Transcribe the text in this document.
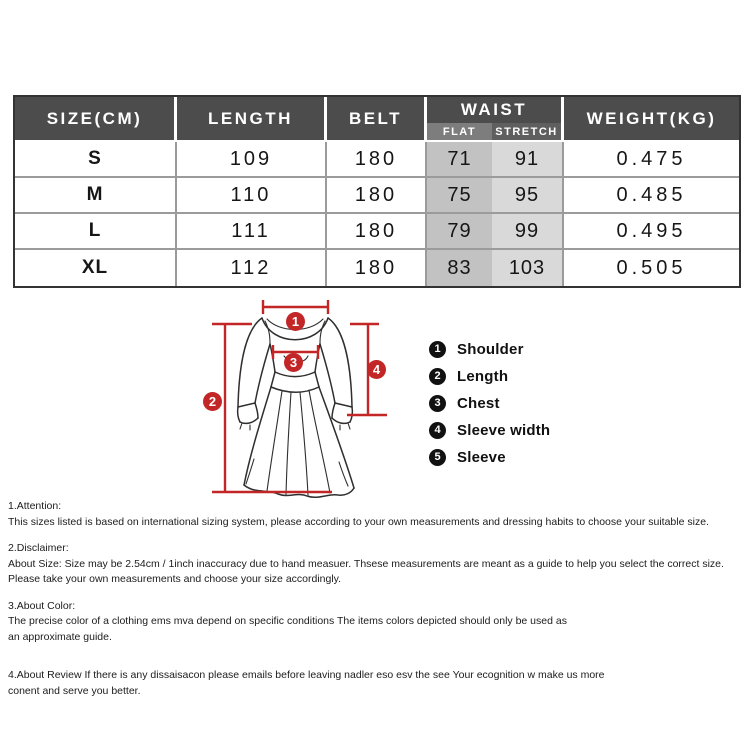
SIZE(CM)	LENGTH	BELT	WAIST		WEIGHT(KG)
			FLAT	STRETCH	
S	109	180	71	91	0.475
M	110	180	75	95	0.485
L	111	180	79	99	0.495
XL	112	180	83	103	0.505
1
2
3	4
1	Shoulder
2	Length
3	Chest
4	Sleeve width
5	Sleeve
1.Attention:
This sizes listed is based on international sizing system, please according to your own measurements and dressing habits to choose your suitable size.
2.Disclaimer:
About Size: Size may be 2.54cm / 1inch inaccuracy due to hand measuer. Thsese measurements are meant as a guide to help you select the correct size.
Please take your own measurements and choose your size accordingly.
3.About Color:
The precise color of a clothing ems mva depend on specific conditions The items colors depicted should only be used as
an approximate guide.
4.About Review If there is any dissaisacon please emails before leaving nadler eso esv the see Your ecognition w make us more
conent and serve you better.
